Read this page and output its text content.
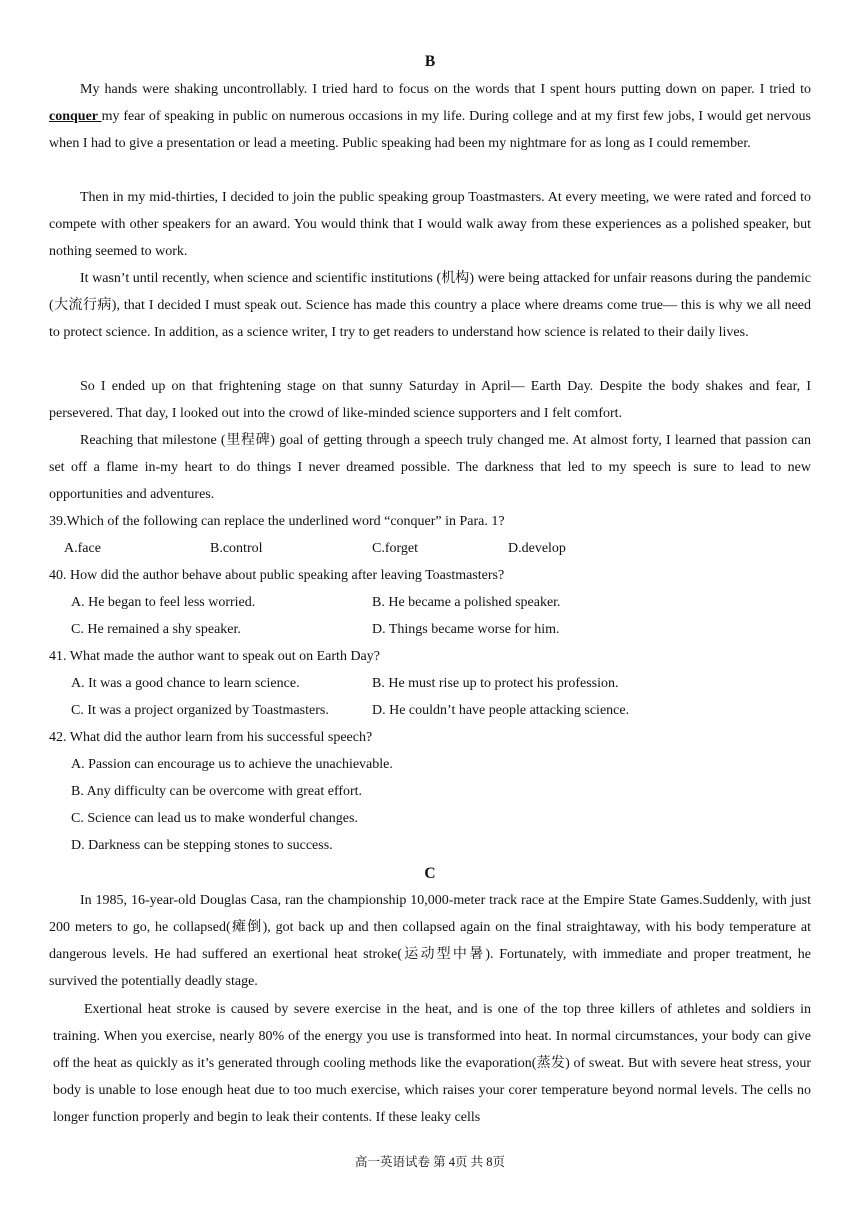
B

My hands were shaking uncontrollably. I tried hard to focus on the words that I spent hours putting down on paper. I tried to conquer my fear of speaking in public on numerous occasions in my life. During college and at my first few jobs, I would get nervous when I had to give a presentation or lead a meeting. Public speaking had been my nightmare for as long as I could remember.

Then in my mid-thirties, I decided to join the public speaking group Toastmasters. At every meeting, we were rated and forced to compete with other speakers for an award. You would think that I would walk away from these experiences as a polished speaker, but nothing seemed to work.

It wasn’t until recently, when science and scientific institutions (机构) were being attacked for unfair reasons during the pandemic (大流行病), that I decided I must speak out. Science has made this country a place where dreams come true— this is why we all need to protect science. In addition, as a science writer, I try to get readers to understand how science is related to their daily lives.

So I ended up on that frightening stage on that sunny Saturday in April— Earth Day. Despite the body shakes and fear, I persevered. That day, I looked out into the crowd of like-minded science supporters and I felt comfort.

Reaching that milestone (里程碑) goal of getting through a speech truly changed me. At almost forty, I learned that passion can set off a flame in-my heart to do things I never dreamed possible. The darkness that led to my speech is sure to lead to new opportunities and adventures.

39.Which of the following can replace the underlined word “conquer” in Para. 1?
A.face	B.control	C.forget	D.develop
40. How did the author behave about public speaking after leaving Toastmasters?
A. He began to feel less worried.	B. He became a polished speaker.
C. He remained a shy speaker.	D. Things became worse for him.
41. What made the author want to speak out on Earth Day?
A. It was a good chance to learn science.	B. He must rise up to protect his profession.
C. It was a project organized by Toastmasters.	D. He couldn’t have people attacking science.
42. What did the author learn from his successful speech?
A. Passion can encourage us to achieve the unachievable.
B. Any difficulty can be overcome with great effort.
C. Science can lead us to make wonderful changes.
D. Darkness can be stepping stones to success.
C

In 1985, 16-year-old Douglas Casa, ran the championship 10,000-meter track race at the Empire State Games.Suddenly, with just 200 meters to go, he collapsed(瘫倒), got back up and then collapsed again on the final straightaway, with his body temperature at dangerous levels. He had suffered an exertional heat stroke(运动型中暑). Fortunately, with immediate and proper treatment, he survived the potentially deadly stage.

Exertional heat stroke is caused by severe exercise in the heat, and is one of the top three killers of athletes and soldiers in training. When you exercise, nearly 80% of the energy you use is transformed into heat. In normal circumstances, your body can give off the heat as quickly as it’s generated through cooling methods like the evaporation(蒸发) of sweat. But with severe heat stress, your body is unable to lose enough heat due to too much exercise, which raises your corer temperature beyond normal levels. The cells no longer function properly and begin to leak their contents. If these leaky cells

高一英语试卷 第 4页 共 8页
